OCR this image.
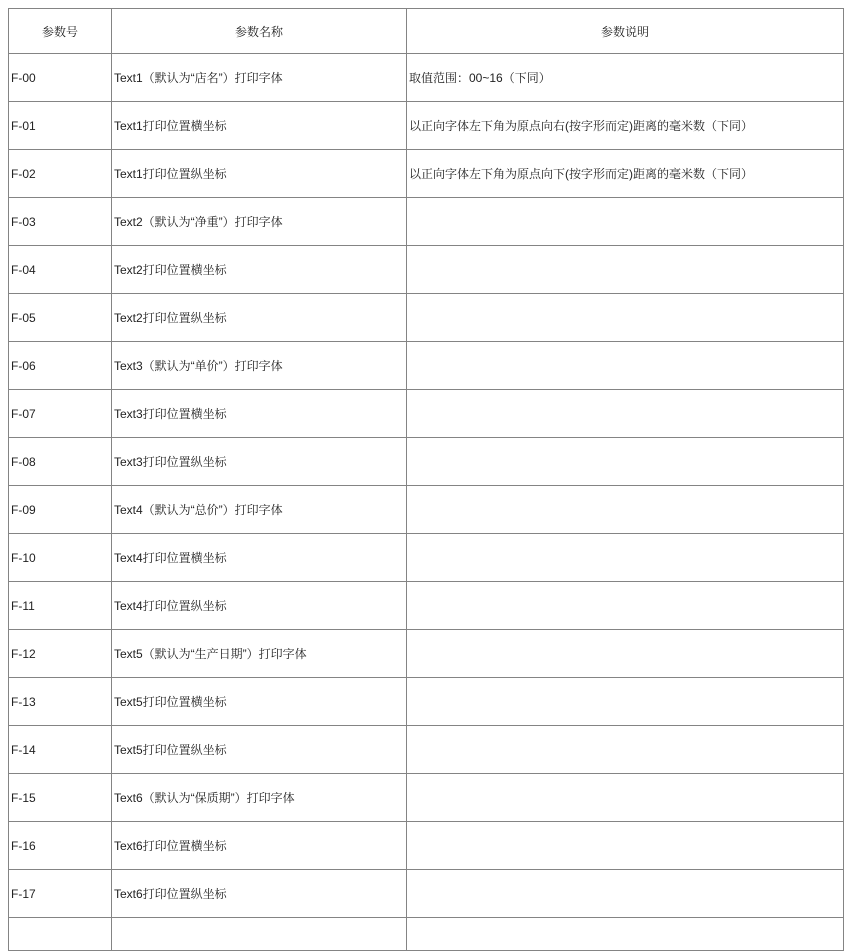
参数号	参数名称	参数说明
F-00	Text1（默认为“店名”）打印字体	取值范围：00~16（下同）
F-01	Text1打印位置横坐标	以正向字体左下角为原点向右(按字形而定)距离的毫米数（下同）
F-02	Text1打印位置纵坐标	以正向字体左下角为原点向下(按字形而定)距离的毫米数（下同）
F-03	Text2（默认为“净重”）打印字体	
F-04	Text2打印位置横坐标	
F-05	Text2打印位置纵坐标	
F-06	Text3（默认为“单价”）打印字体	
F-07	Text3打印位置横坐标	
F-08	Text3打印位置纵坐标	
F-09	Text4（默认为“总价”）打印字体	
F-10	Text4打印位置横坐标	
F-11	Text4打印位置纵坐标	
F-12	Text5（默认为“生产日期”）打印字体	
F-13	Text5打印位置横坐标	
F-14	Text5打印位置纵坐标	
F-15	Text6（默认为“保质期”）打印字体	
F-16	Text6打印位置横坐标	
F-17	Text6打印位置纵坐标	
